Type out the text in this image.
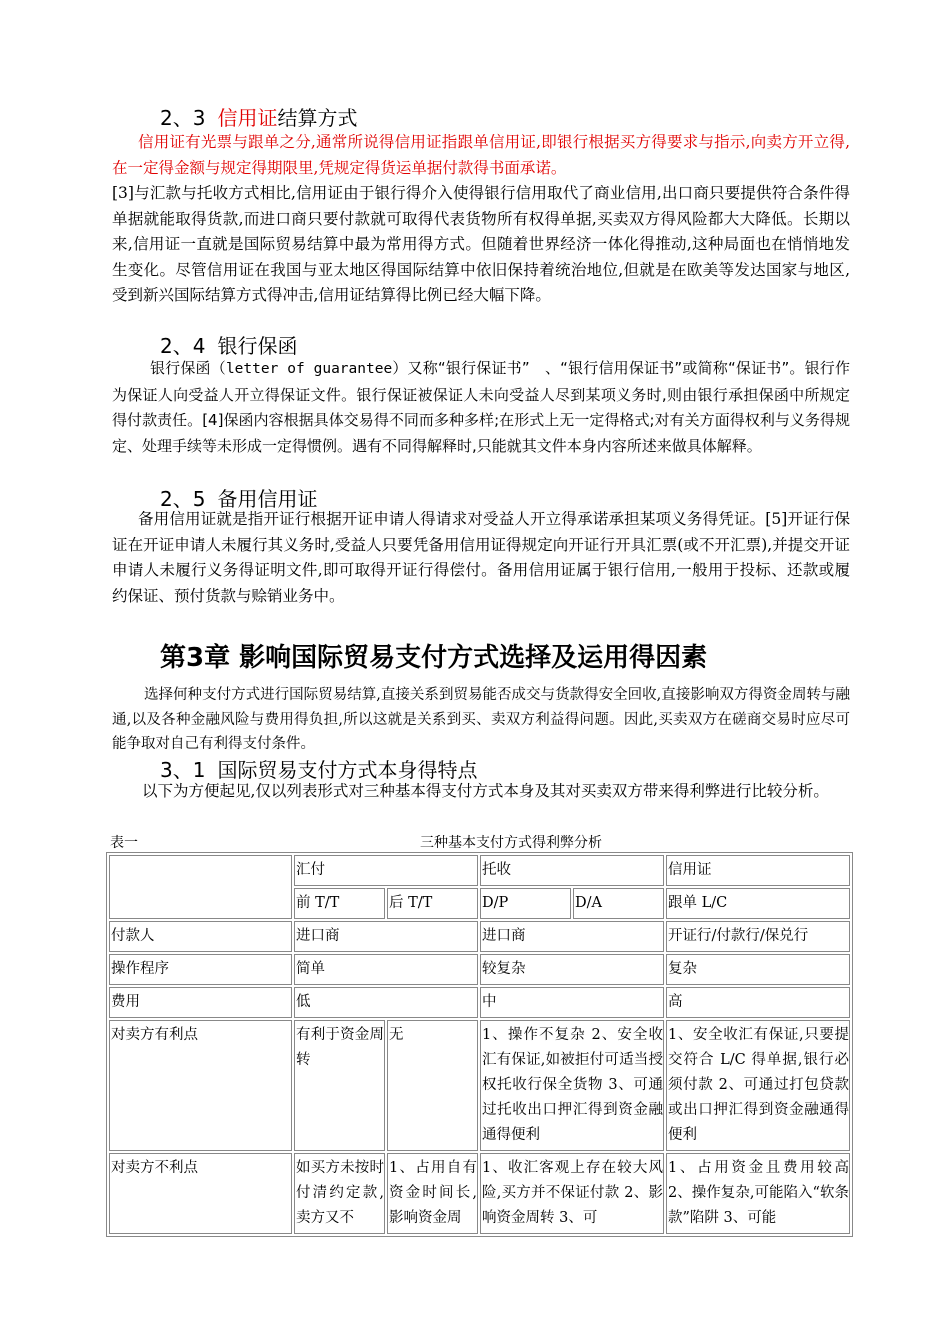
2、3 信用证结算方式
信用证有光票与跟单之分,通常所说得信用证指跟单信用证,即银行根据买方得要求与指示,向卖方开立得,在一定得金额与规定得期限里,凭规定得货运单据付款得书面承诺。
[3]与汇款与托收方式相比,信用证由于银行得介入使得银行信用取代了商业信用,出口商只要提供符合条件得单据就能取得货款,而进口商只要付款就可取得代表货物所有权得单据,买卖双方得风险都大大降低。长期以来,信用证一直就是国际贸易结算中最为常用得方式。但随着世界经济一体化得推动,这种局面也在悄悄地发生变化。尽管信用证在我国与亚太地区得国际结算中依旧保持着统治地位,但就是在欧美等发达国家与地区,受到新兴国际结算方式得冲击,信用证结算得比例已经大幅下降。
2、4 银行保函
银行保函（letter of guarantee）又称“银行保证书”　、“银行信用保证书”或简称“保证书”。银行作为保证人向受益人开立得保证文件。银行保证被保证人未向受益人尽到某项义务时,则由银行承担保函中所规定得付款责任。[4]保函内容根据具体交易得不同而多种多样;在形式上无一定得格式;对有关方面得权利与义务得规定、处理手续等未形成一定得惯例。遇有不同得解释时,只能就其文件本身内容所述来做具体解释。
2、5 备用信用证
备用信用证就是指开证行根据开证申请人得请求对受益人开立得承诺承担某项义务得凭证。[5]开证行保证在开证申请人未履行其义务时,受益人只要凭备用信用证得规定向开证行开具汇票(或不开汇票),并提交开证申请人未履行义务得证明文件,即可取得开证行得偿付。备用信用证属于银行信用,一般用于投标、还款或履约保证、预付货款与赊销业务中。
第3章 影响国际贸易支付方式选择及运用得因素
选择何种支付方式进行国际贸易结算,直接关系到贸易能否成交与货款得安全回收,直接影响双方得资金周转与融通,以及各种金融风险与费用得负担,所以这就是关系到买、卖双方利益得问题。因此,买卖双方在磋商交易时应尽可能争取对自己有利得支付条件。
3、1 国际贸易支付方式本身得特点
以下为方便起见,仅以列表形式对三种基本得支付方式本身及其对买卖双方带来得利弊进行比较分析。
表一	三种基本支付方式得利弊分析
	汇付		托收		信用证
	前 T/T	后 T/T	D/P	D/A	跟单 L/C
付款人	进口商		进口商		开证行/付款行/保兑行
操作程序	简单		较复杂		复杂
费用	低		中		高
对卖方有利点	有利于资金周转	无	1、操作不复杂 2、安全收汇有保证,如被拒付可适当授权托收行保全货物 3、可通过托收出口押汇得到资金融通得便利		1、安全收汇有保证,只要提交符合 L/C 得单据,银行必须付款 2、可通过打包贷款或出口押汇得到资金融通得便利
对卖方不利点	如买方未按时付清约定款,卖方又不	1、占用自有资金时间长,影响资金周	1、收汇客观上存在较大风险,买方并不保证付款 2、影响资金周转 3、可		1、占用资金且费用较高 2、操作复杂,可能陷入“软条款”陷阱 3、可能
